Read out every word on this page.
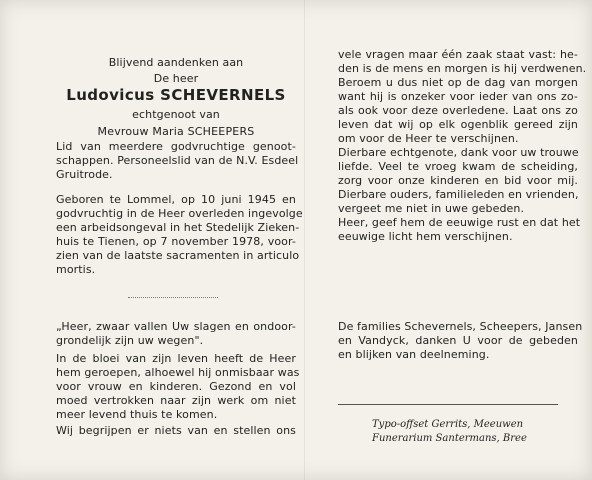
Blijvend aandenken aan
De heer
Ludovicus SCHEVERNELS
echtgenoot van
Mevrouw Maria SCHEEPERS
Lid van meerdere godvruchtige genoot-
schappen. Personeelslid van de N.V. Esdeel
Gruitrode.
Geboren te Lommel, op 10 juni 1945 en
godvruchtig in de Heer overleden ingevolge
een arbeidsongeval in het Stedelijk Zieken-
huis te Tienen, op 7 november 1978, voor-
zien van de laatste sacramenten in articulo
mortis.
„Heer, zwaar vallen Uw slagen en ondoor-
grondelijk zijn uw wegen".
In de bloei van zijn leven heeft de Heer
hem geroepen, alhoewel hij onmisbaar was
voor vrouw en kinderen. Gezond en vol
moed vertrokken naar zijn werk om niet
meer levend thuis te komen.
Wij begrijpen er niets van en stellen ons
vele vragen maar één zaak staat vast: he-
den is de mens en morgen is hij verdwenen.
Beroem u dus niet op de dag van morgen
want hij is onzeker voor ieder van ons zo-
als ook voor deze overledene. Laat ons zo
leven dat wij op elk ogenblik gereed zijn
om voor de Heer te verschijnen.
Dierbare echtgenote, dank voor uw trouwe
liefde. Veel te vroeg kwam de scheiding,
zorg voor onze kinderen en bid voor mij.
Dierbare ouders, familieleden en vrienden,
vergeet me niet in uwe gebeden.
Heer, geef hem de eeuwige rust en dat het
eeuwige licht hem verschijnen.
De families Schevernels, Scheepers, Jansen
en Vandyck, danken U voor de gebeden
en blijken van deelneming.
Typo-offset Gerrits, Meeuwen
Funerarium Santermans, Bree
